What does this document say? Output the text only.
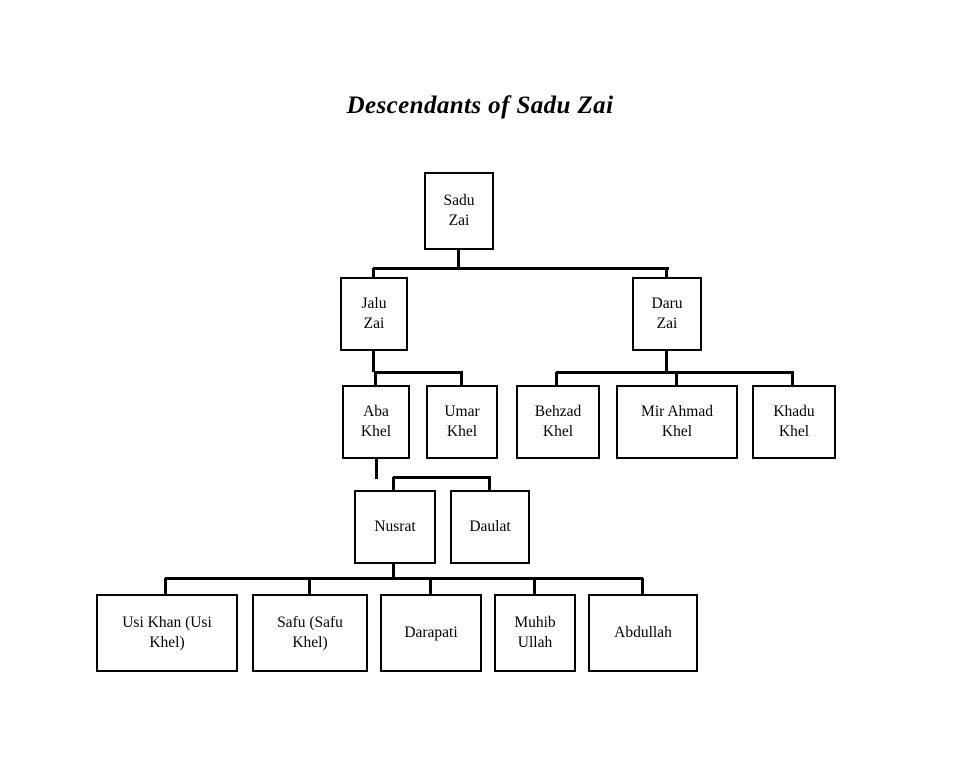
Descendants of Sadu Zai
Sadu
Zai
Jalu
Zai
Daru
Zai
Aba
Khel
Umar
Khel
Behzad
Khel
Mir Ahmad
Khel
Khadu
Khel
Nusrat	Daulat
Usi Khan (Usi
Khel)
Safu (Safu
Khel)
Darapati
Muhib
Ullah
Abdullah
